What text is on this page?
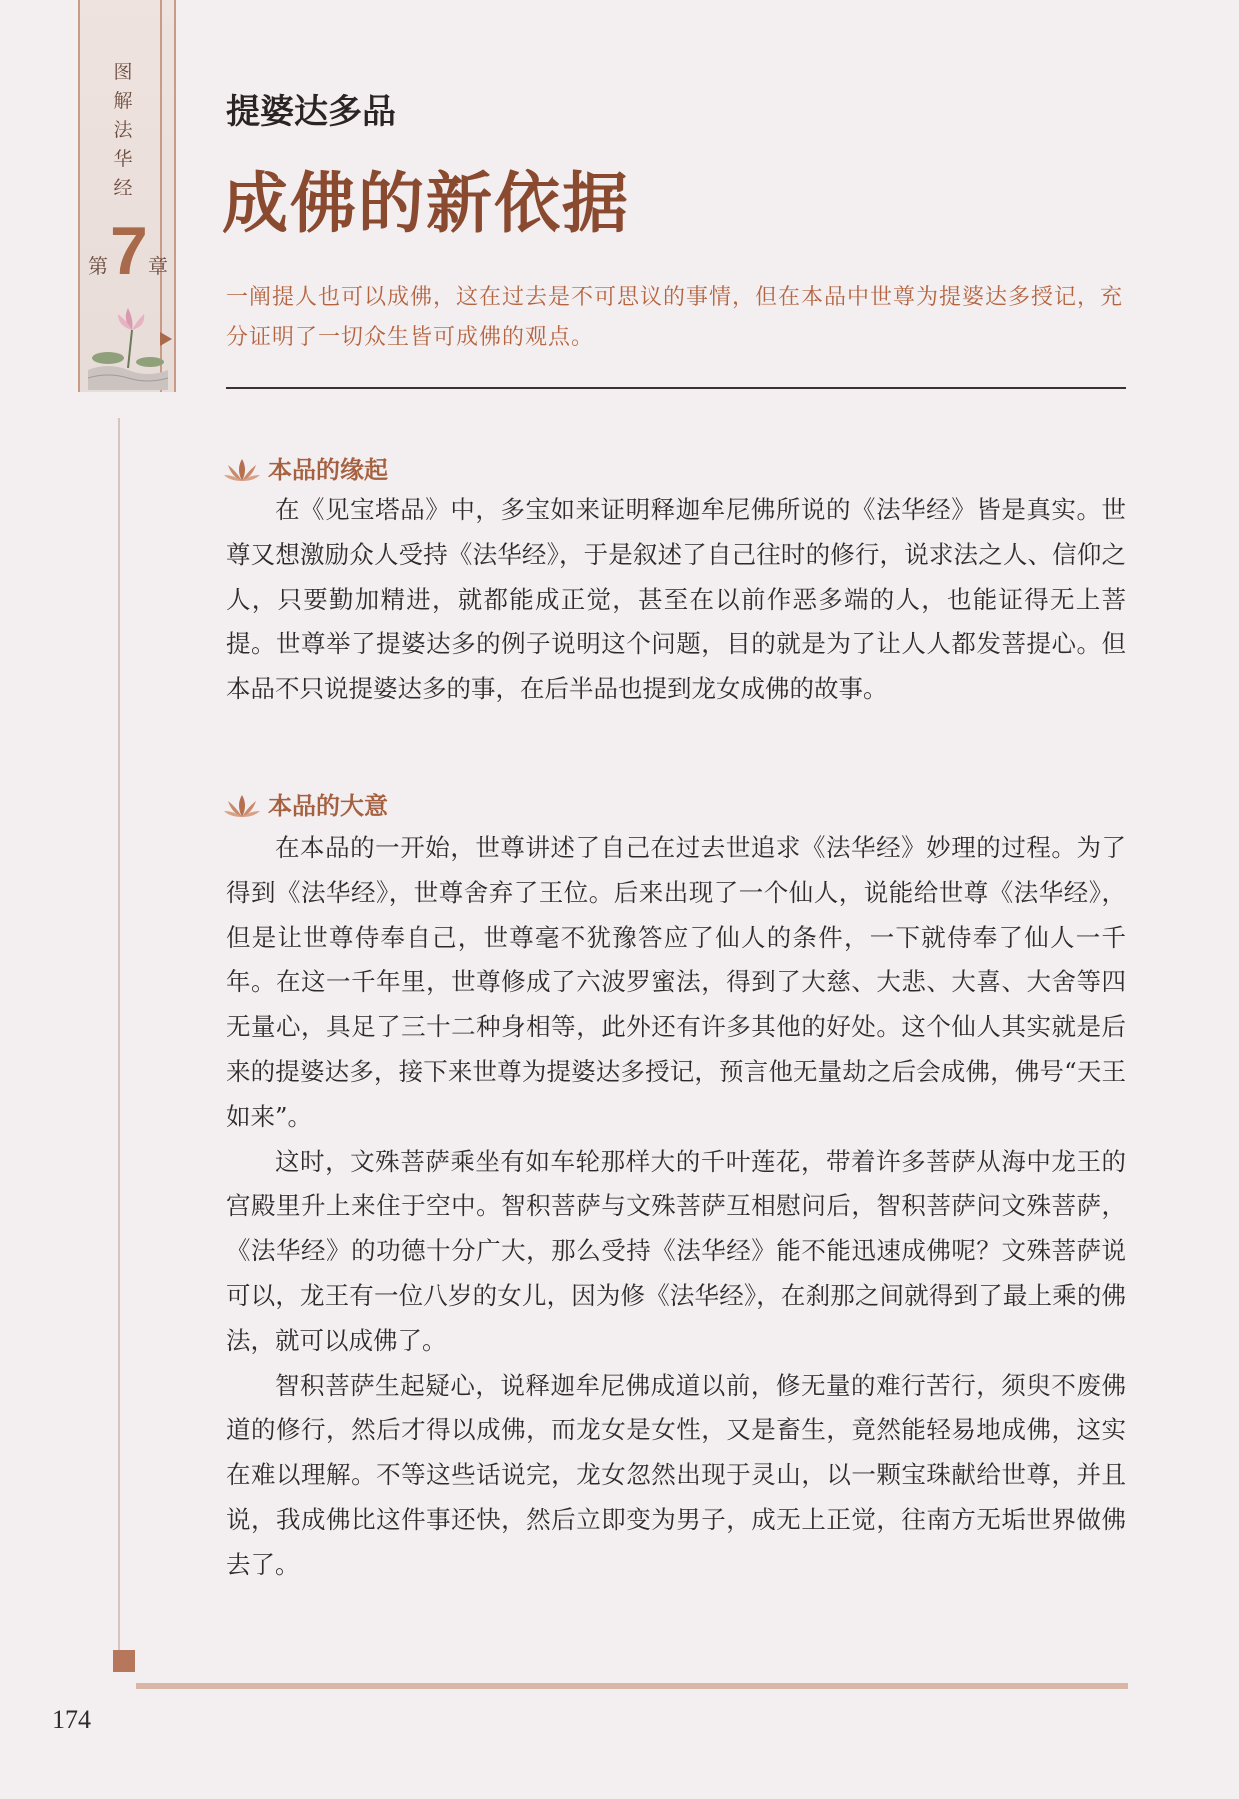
图
解
法
华
经
第 7 章
提婆达多品
成佛的新依据
一阐提人也可以成佛，这在过去是不可思议的事情，但在本品中世尊为提婆达多授记，充分证明了一切众生皆可成佛的观点。
本品的缘起

在《见宝塔品》中，多宝如来证明释迦牟尼佛所说的《法华经》皆是真实。世尊又想激励众人受持《法华经》，于是叙述了自己往时的修行，说求法之人、信仰之人，只要勤加精进，就都能成正觉，甚至在以前作恶多端的人，也能证得无上菩提。世尊举了提婆达多的例子说明这个问题，目的就是为了让人人都发菩提心。但本品不只说提婆达多的事，在后半品也提到龙女成佛的故事。

本品的大意

在本品的一开始，世尊讲述了自己在过去世追求《法华经》妙理的过程。为了得到《法华经》，世尊舍弃了王位。后来出现了一个仙人，说能给世尊《法华经》，但是让世尊侍奉自己，世尊毫不犹豫答应了仙人的条件，一下就侍奉了仙人一千年。在这一千年里，世尊修成了六波罗蜜法，得到了大慈、大悲、大喜、大舍等四无量心，具足了三十二种身相等，此外还有许多其他的好处。这个仙人其实就是后来的提婆达多，接下来世尊为提婆达多授记，预言他无量劫之后会成佛，佛号“天王如来”。

这时，文殊菩萨乘坐有如车轮那样大的千叶莲花，带着许多菩萨从海中龙王的宫殿里升上来住于空中。智积菩萨与文殊菩萨互相慰问后，智积菩萨问文殊菩萨，《法华经》的功德十分广大，那么受持《法华经》能不能迅速成佛呢？文殊菩萨说可以，龙王有一位八岁的女儿，因为修《法华经》，在刹那之间就得到了最上乘的佛法，就可以成佛了。

智积菩萨生起疑心，说释迦牟尼佛成道以前，修无量的难行苦行，须臾不废佛道的修行，然后才得以成佛，而龙女是女性，又是畜生，竟然能轻易地成佛，这实在难以理解。不等这些话说完，龙女忽然出现于灵山，以一颗宝珠献给世尊，并且说，我成佛比这件事还快，然后立即变为男子，成无上正觉，往南方无垢世界做佛去了。

174
